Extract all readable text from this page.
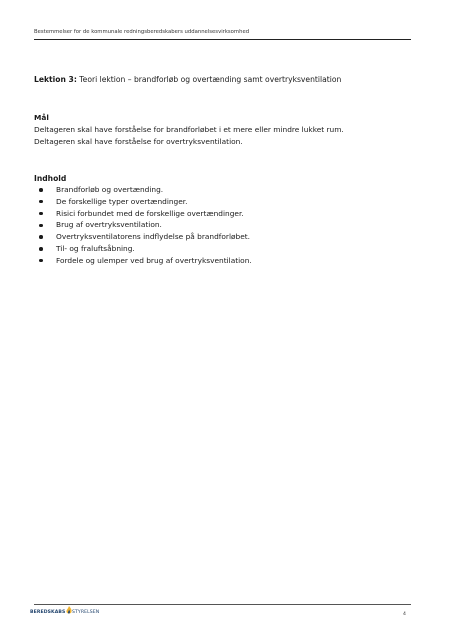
Bestemmelser for de kommunale redningsberedskabers uddannelsesvirksomhed
Lektion 3: Teori lektion – brandforløb og overtænding samt overtryksventilation

Mål

Deltageren skal have forståelse for brandforløbet i et mere eller mindre lukket rum.

Deltageren skal have forståelse for overtryksventilation.

Indhold

Brandforløb og overtænding.
De forskellige typer overtændinger.
Risici forbundet med de forskellige overtændinger.
Brug af overtryksventilation.
Overtryksventilatorens indflydelse på brandforløbet.
Til- og fraluftsåbning.
Fordele og ulemper ved brug af overtryksventilation.
BEREDSKABS STYRELSEN	4
